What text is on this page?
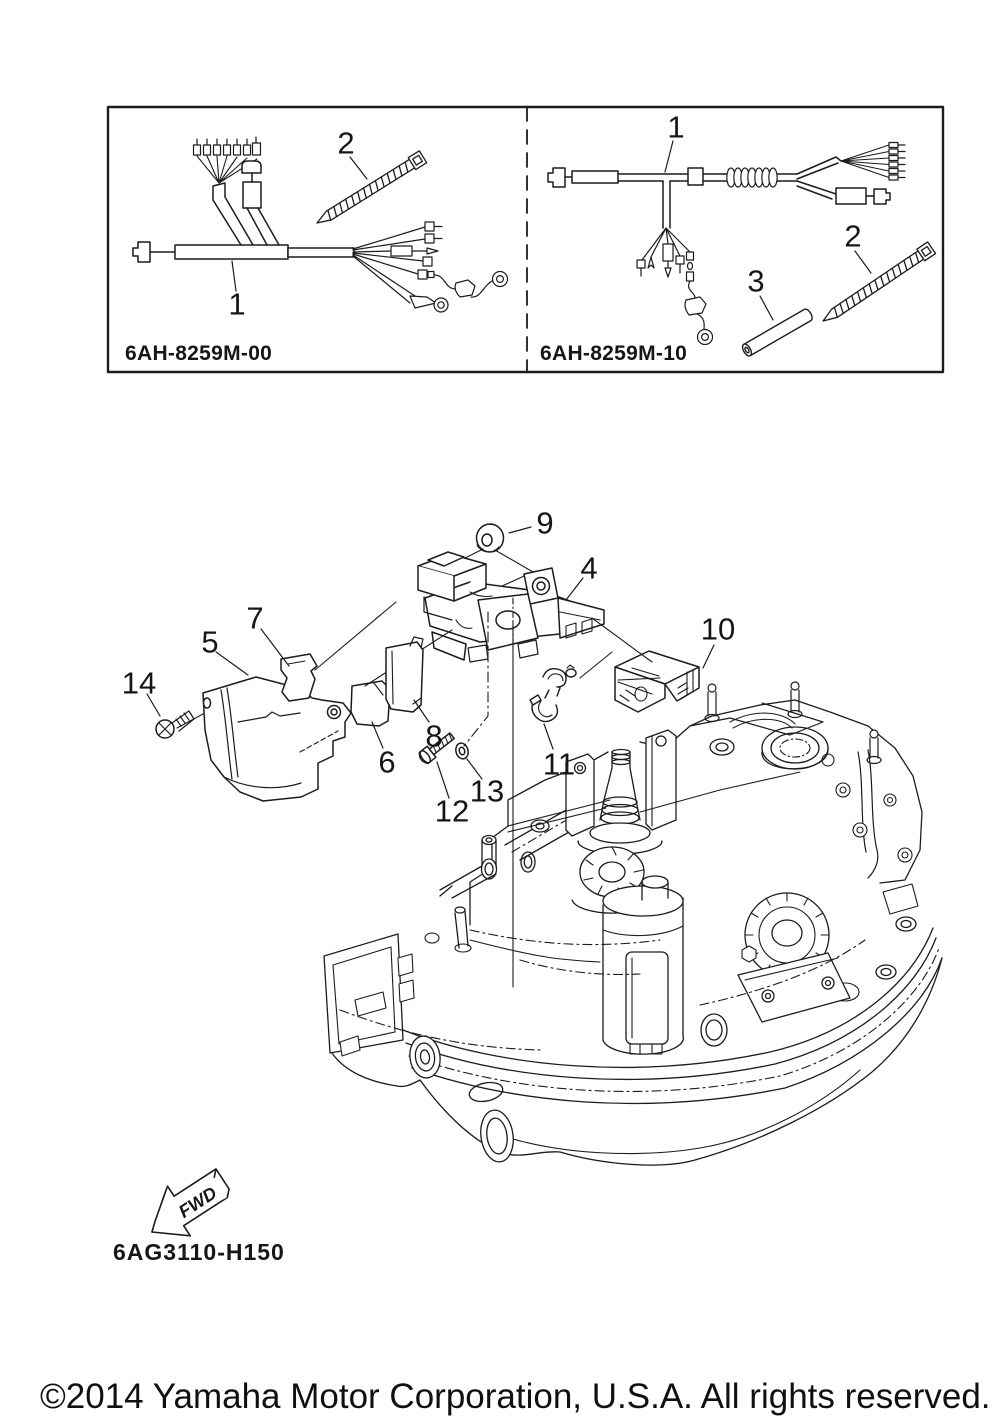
FWD
6AH-8259M-00	6AH-8259M-10
1
2	1
2
3
4
5
6
7
8
9
10
11
12
13
14
6AG3110-H150
©2014 Yamaha Motor Corporation, U.S.A. All rights reserved.
